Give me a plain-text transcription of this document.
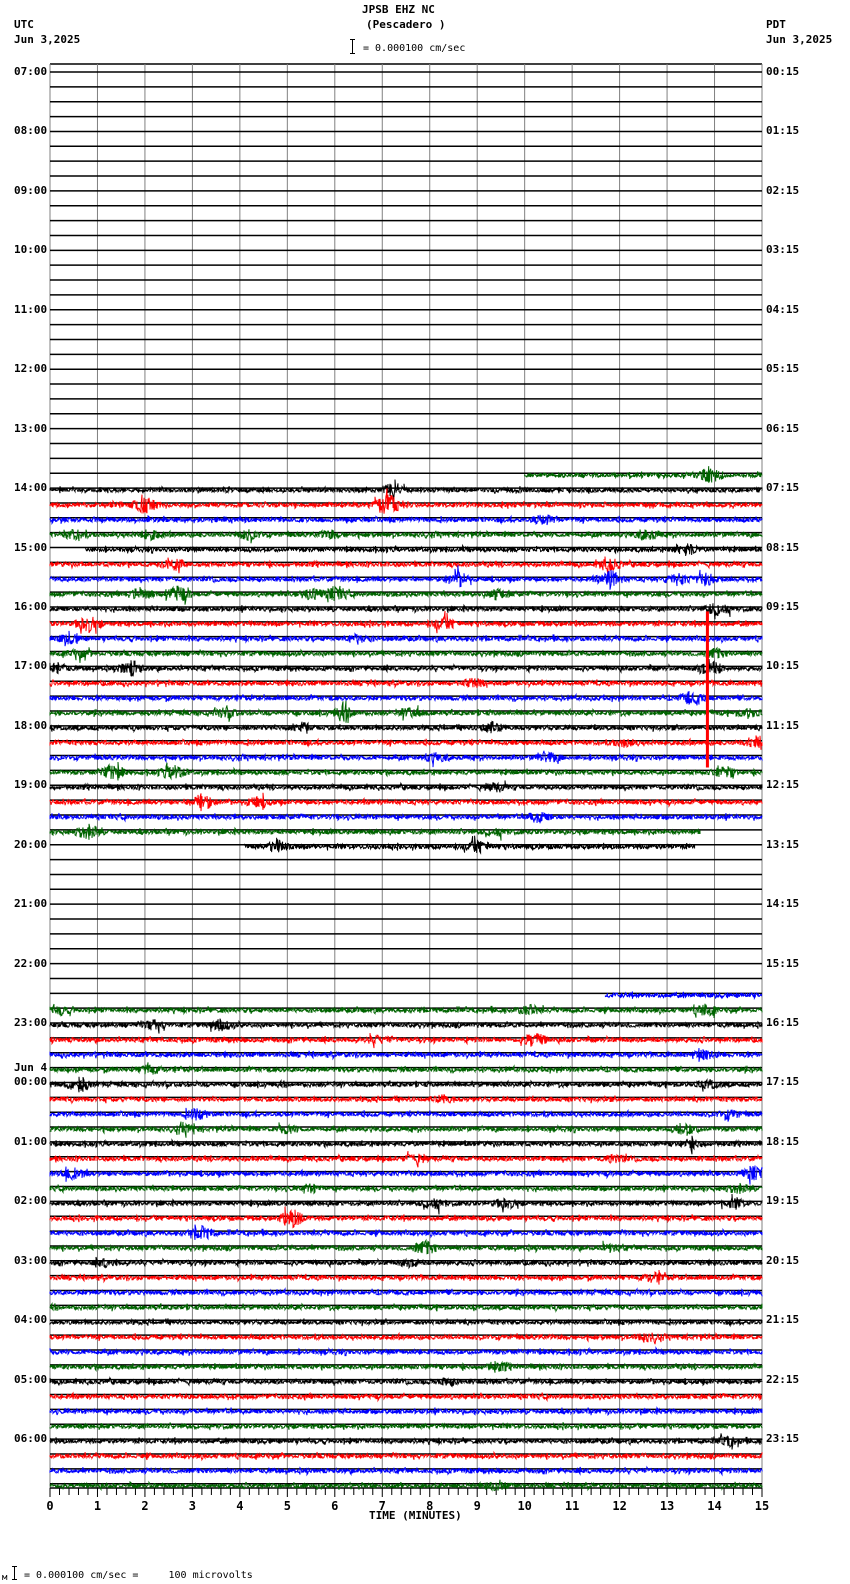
JPSB EHZ NC
(Pescadero )
= 0.000100 cm/sec
UTC
Jun 3,2025
PDT
Jun 3,2025
0	1	2	3	4	5	6	7	8	9	10	11	12	13	14	15
07:00
08:00
09:00
10:00
11:00
12:00
13:00
14:00
15:00
16:00
17:00
18:00
19:00
20:00
21:00
22:00
23:00
00:00
Jun 4
01:00
02:00
03:00
04:00
05:00
06:00
00:15
01:15
02:15
03:15
04:15
05:15
06:15
07:15
08:15
09:15
10:15
11:15
12:15
13:15
14:15
15:15
16:15
17:15
18:15
19:15
20:15
21:15
22:15
23:15
TIME (MINUTES)
м = 0.000100 cm/sec =     100 microvolts
